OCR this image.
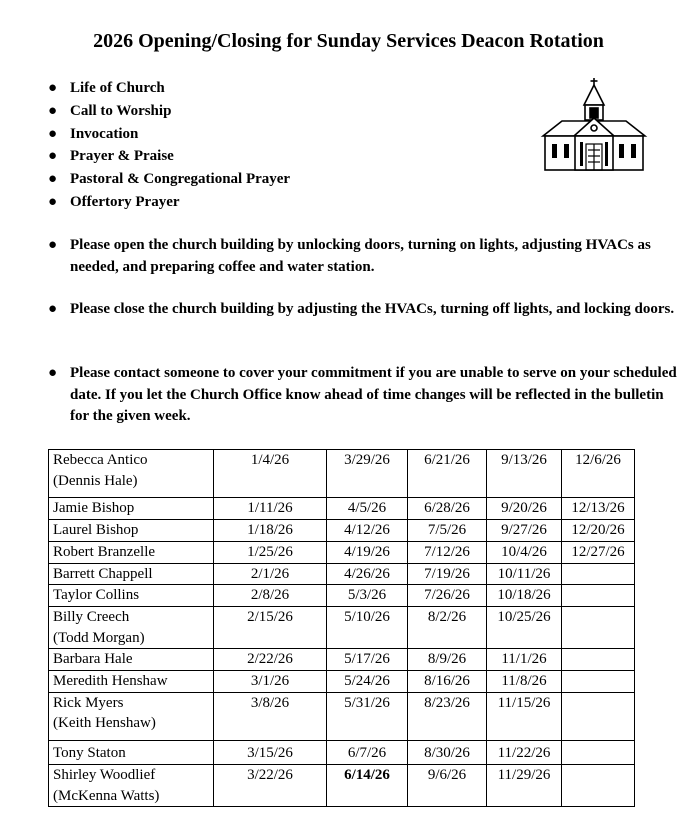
2026 Opening/Closing for Sunday Services Deacon Rotation
● Life of Church
● Call to Worship
● Invocation
● Prayer & Praise
● Pastoral & Congregational Prayer
● Offertory Prayer

● Please open the church building by unlocking doors, turning on lights, adjusting HVACs as needed, and preparing coffee and water station.

● Please close the church building by adjusting the HVACs, turning off lights, and locking doors.

● Please contact someone to cover your commitment if you are unable to serve on your scheduled date. If you let the Church Office know ahead of time changes will be reflected in the bulletin for the given week.

Rebecca Antico
(Dennis Hale)	1/4/26	3/29/26	6/21/26	9/13/26	12/6/26
Jamie Bishop	1/11/26	4/5/26	6/28/26	9/20/26	12/13/26
Laurel Bishop	1/18/26	4/12/26	7/5/26	9/27/26	12/20/26
Robert Branzelle	1/25/26	4/19/26	7/12/26	10/4/26	12/27/26
Barrett Chappell	2/1/26	4/26/26	7/19/26	10/11/26	
Taylor Collins	2/8/26	5/3/26	7/26/26	10/18/26	
Billy Creech
(Todd Morgan)	2/15/26	5/10/26	8/2/26	10/25/26	
Barbara Hale	2/22/26	5/17/26	8/9/26	11/1/26	
Meredith Henshaw	3/1/26	5/24/26	8/16/26	11/8/26	
Rick Myers
(Keith Henshaw)	3/8/26	5/31/26	8/23/26	11/15/26	
Tony Staton	3/15/26	6/7/26	8/30/26	11/22/26	
Shirley Woodlief
(McKenna Watts)	3/22/26	6/14/26	9/6/26	11/29/26	
